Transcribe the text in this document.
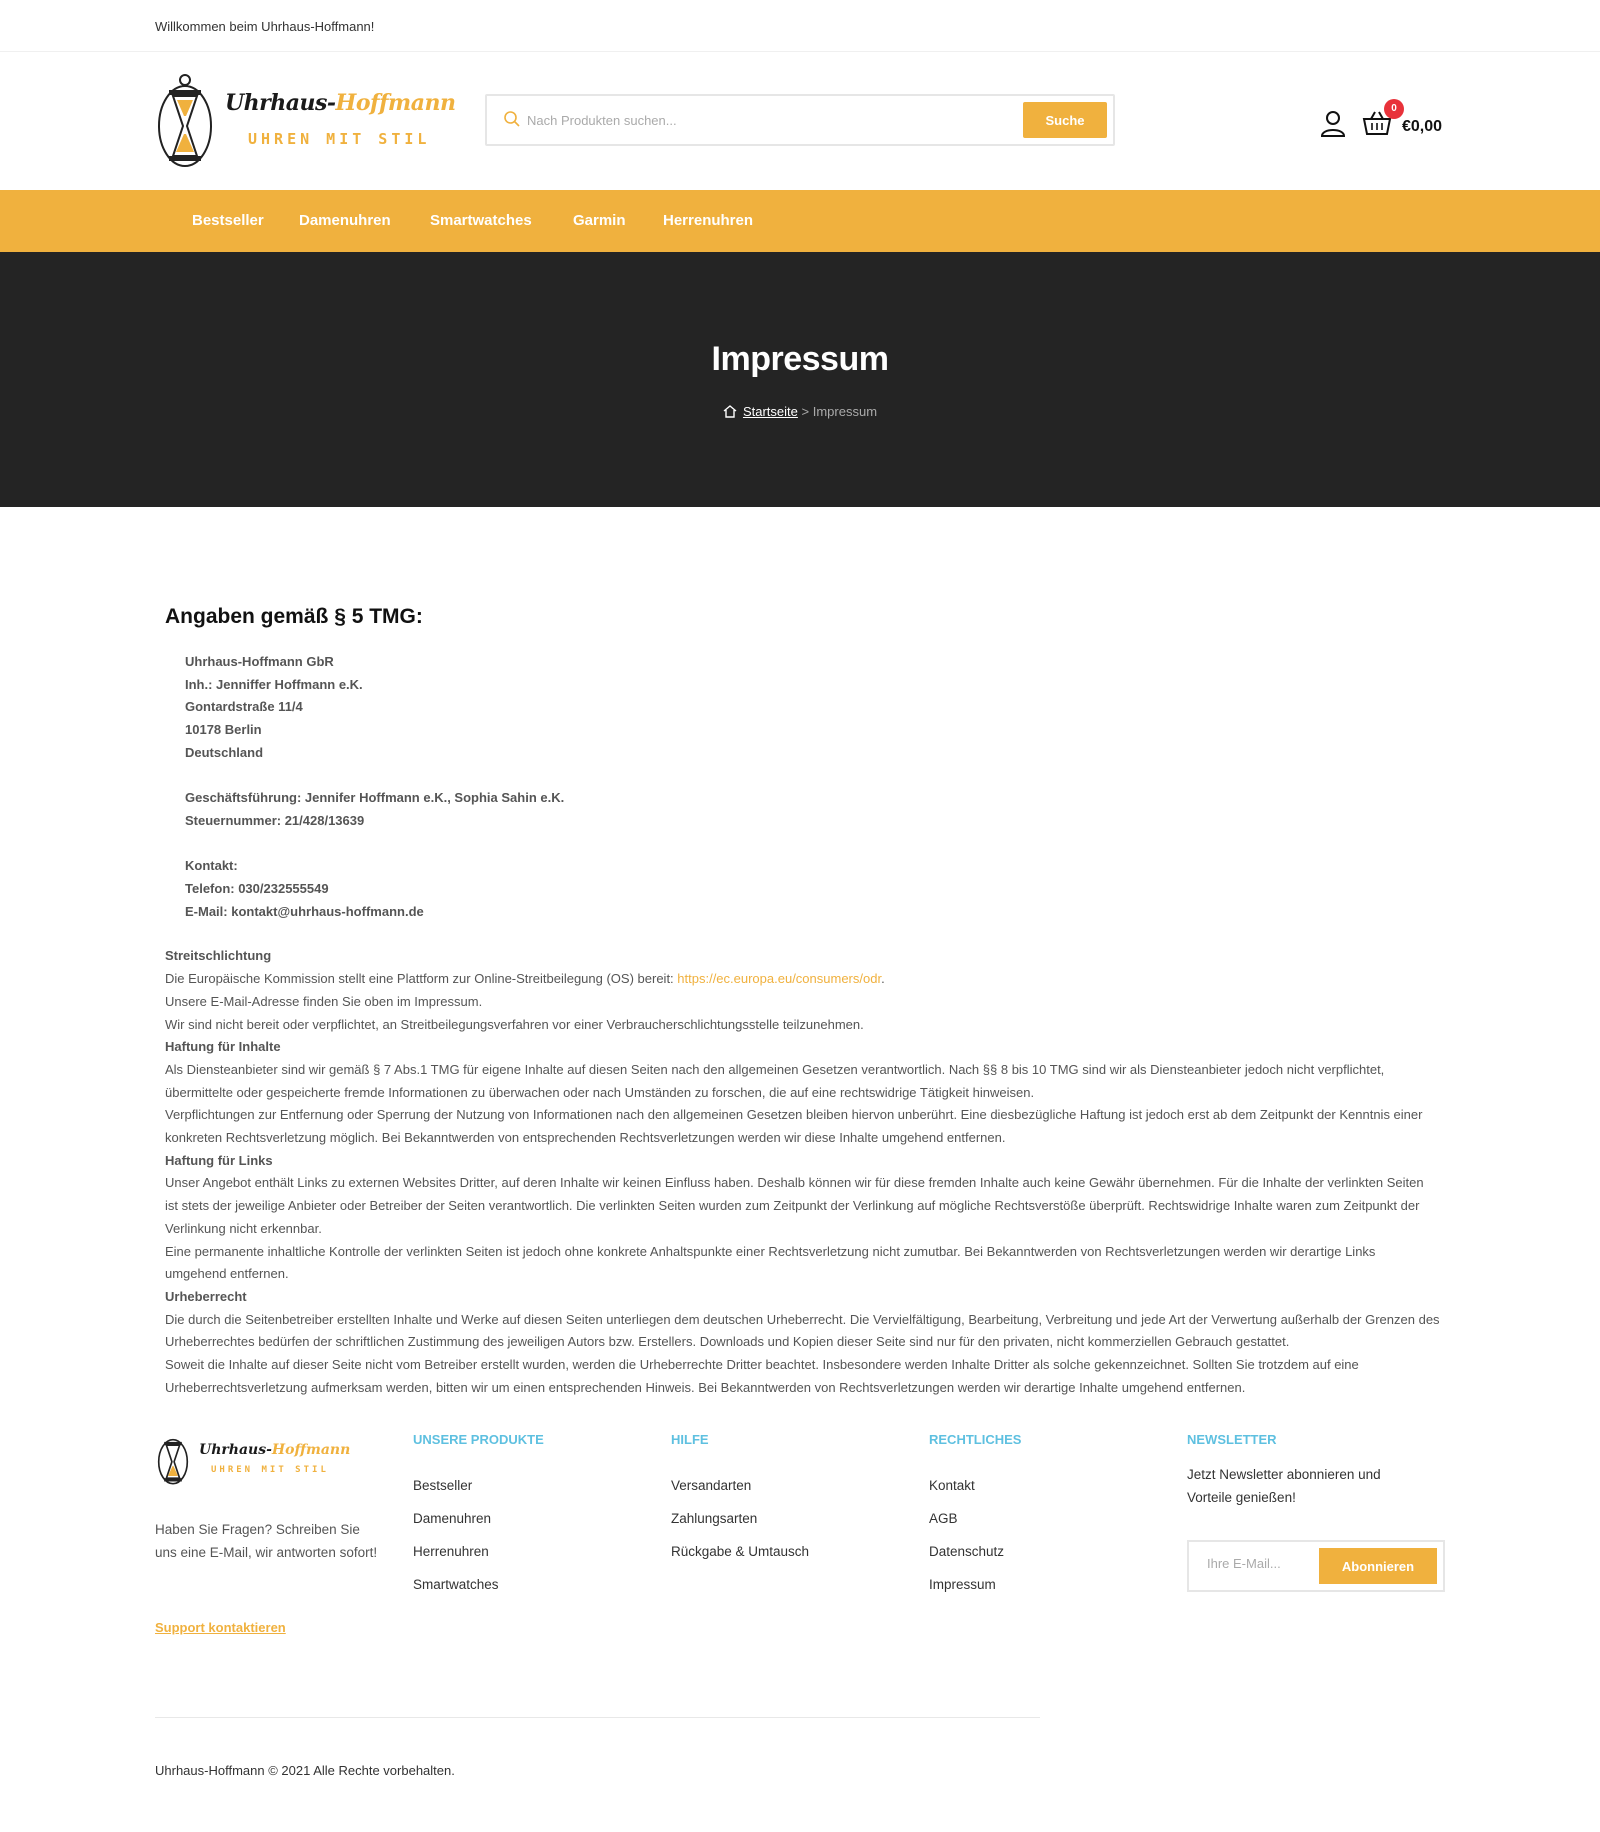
Willkommen beim Uhrhaus-Hoffmann!
Uhrhaus-Hoffmann
UHREN MIT STIL
Nach Produkten suchen...
Suche
0
€0,00
Bestseller Damenuhren	Smartwatches	Garmin Herrenuhren
Impressum
Startseite > Impressum
Angaben gemäß § 5 TMG:
Uhrhaus-Hoffmann GbR
Inh.: Jenniffer Hoffmann e.K.
Gontardstraße 11/4
10178 Berlin
Deutschland
Geschäftsführung: Jennifer Hoffmann e.K., Sophia Sahin e.K.
Steuernummer: 21/428/13639
Kontakt:
Telefon: 030/232555549
E-Mail: kontakt@uhrhaus-hoffmann.de
Streitschlichtung
Die Europäische Kommission stellt eine Plattform zur Online-Streitbeilegung (OS) bereit: https://ec.europa.eu/consumers/odr.
Unsere E-Mail-Adresse finden Sie oben im Impressum.
Wir sind nicht bereit oder verpflichtet, an Streitbeilegungsverfahren vor einer Verbraucherschlichtungsstelle teilzunehmen.
Haftung für Inhalte
Als Diensteanbieter sind wir gemäß § 7 Abs.1 TMG für eigene Inhalte auf diesen Seiten nach den allgemeinen Gesetzen verantwortlich. Nach §§ 8 bis 10 TMG sind wir als Diensteanbieter jedoch nicht verpflichtet, übermittelte oder gespeicherte fremde Informationen zu überwachen oder nach Umständen zu forschen, die auf eine rechtswidrige Tätigkeit hinweisen.
Verpflichtungen zur Entfernung oder Sperrung der Nutzung von Informationen nach den allgemeinen Gesetzen bleiben hiervon unberührt. Eine diesbezügliche Haftung ist jedoch erst ab dem Zeitpunkt der Kenntnis einer konkreten Rechtsverletzung möglich. Bei Bekanntwerden von entsprechenden Rechtsverletzungen werden wir diese Inhalte umgehend entfernen.
Haftung für Links
Unser Angebot enthält Links zu externen Websites Dritter, auf deren Inhalte wir keinen Einfluss haben. Deshalb können wir für diese fremden Inhalte auch keine Gewähr übernehmen. Für die Inhalte der verlinkten Seiten ist stets der jeweilige Anbieter oder Betreiber der Seiten verantwortlich. Die verlinkten Seiten wurden zum Zeitpunkt der Verlinkung auf mögliche Rechtsverstöße überprüft. Rechtswidrige Inhalte waren zum Zeitpunkt der Verlinkung nicht erkennbar.
Eine permanente inhaltliche Kontrolle der verlinkten Seiten ist jedoch ohne konkrete Anhaltspunkte einer Rechtsverletzung nicht zumutbar. Bei Bekanntwerden von Rechtsverletzungen werden wir derartige Links umgehend entfernen.
Urheberrecht
Die durch die Seitenbetreiber erstellten Inhalte und Werke auf diesen Seiten unterliegen dem deutschen Urheberrecht. Die Vervielfältigung, Bearbeitung, Verbreitung und jede Art der Verwertung außerhalb der Grenzen des Urheberrechtes bedürfen der schriftlichen Zustimmung des jeweiligen Autors bzw. Erstellers. Downloads und Kopien dieser Seite sind nur für den privaten, nicht kommerziellen Gebrauch gestattet.
Soweit die Inhalte auf dieser Seite nicht vom Betreiber erstellt wurden, werden die Urheberrechte Dritter beachtet. Insbesondere werden Inhalte Dritter als solche gekennzeichnet. Sollten Sie trotzdem auf eine Urheberrechtsverletzung aufmerksam werden, bitten wir um einen entsprechenden Hinweis. Bei Bekanntwerden von Rechtsverletzungen werden wir derartige Inhalte umgehend entfernen.
Uhrhaus-Hoffmann
UHREN MIT STIL
Haben Sie Fragen? Schreiben Sie uns eine E-Mail, wir antworten sofort!
Support kontaktieren
UNSERE PRODUKTE
Bestseller
Damenuhren
Herrenuhren
Smartwatches
HILFE
Versandarten
Zahlungsarten
Rückgabe & Umtausch
RECHTLICHES
Kontakt
AGB
Datenschutz
Impressum
NEWSLETTER
Jetzt Newsletter abonnieren und Vorteile genießen!
Ihre E-Mail...
Abonnieren
Uhrhaus-Hoffmann © 2021 Alle Rechte vorbehalten.
